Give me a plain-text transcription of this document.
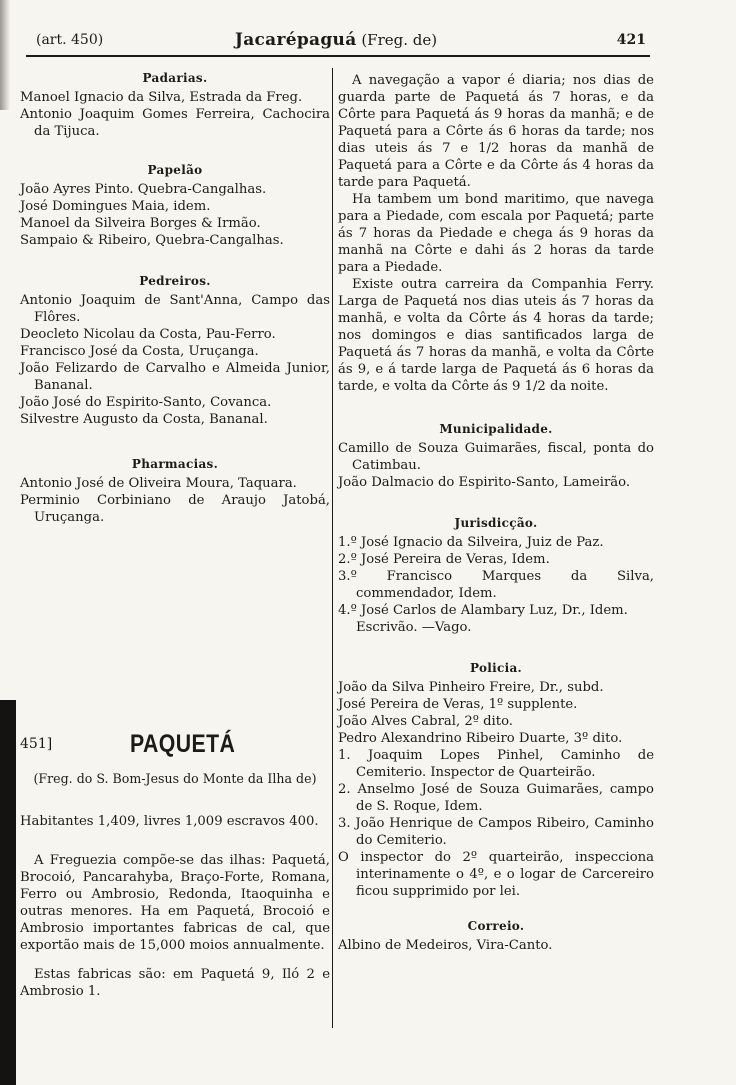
(art. 450)	Jacarépaguá (Freg. de)	421
Padarias.
Manoel Ignacio da Silva, Estrada da Freg.
Antonio Joaquim Gomes Ferreira, Cachocira da Tijuca.
Papelão
João Ayres Pinto. Quebra-Cangalhas.
José Domingues Maia, idem.
Manoel da Silveira Borges & Irmão.
Sampaio & Ribeiro, Quebra-Cangalhas.
Pedreiros.
Antonio Joaquim de Sant'Anna, Campo das Flôres.
Deocleto Nicolau da Costa, Pau-Ferro.
Francisco José da Costa, Uruçanga.
João Felizardo de Carvalho e Almeida Junior, Bananal.
João José do Espirito-Santo, Covanca.
Silvestre Augusto da Costa, Bananal.
Pharmacias.
Antonio José de Oliveira Moura, Taquara.
Perminio Corbiniano de Araujo Jatobá, Uruçanga.
451]	PAQUETÁ
(Freg. do S. Bom-Jesus do Monte da Ilha de)
Habitantes 1,409, livres 1,009 escravos 400.
A Freguezia compõe-se das ilhas: Paquetá, Brocoió, Pancarahyba, Braço-Forte, Romana, Ferro ou Ambrosio, Redonda, Itaoquinha e outras menores. Ha em Paquetá, Brocoió e Ambrosio importantes fabricas de cal, que exportão mais de 15,000 moios annualmente.
Estas fabricas são: em Paquetá 9, Iló 2 e Ambrosio 1.
A navegação a vapor é diaria; nos dias de guarda parte de Paquetá ás 7 horas, e da Côrte para Paquetá ás 9 horas da manhã; e de Paquetá para a Côrte ás 6 horas da tarde; nos dias uteis ás 7 e 1/2 horas da manhã de Paquetá para a Côrte e da Côrte ás 4 horas da tarde para Paquetá.
Ha tambem um bond maritimo, que navega para a Piedade, com escala por Paquetá; parte ás 7 horas da Piedade e chega ás 9 horas da manhã na Côrte e dahi ás 2 horas da tarde para a Piedade.
Existe outra carreira da Companhia Ferry. Larga de Paquetá nos dias uteis ás 7 horas da manhã, e volta da Côrte ás 4 horas da tarde; nos domingos e dias santificados larga de Paquetá ás 7 horas da manhã, e volta da Côrte ás 9, e á tarde larga de Paquetá ás 6 horas da tarde, e volta da Côrte ás 9 1/2 da noite.
Municipalidade.
Camillo de Souza Guimarães, fiscal, ponta do Catimbau.
João Dalmacio do Espirito-Santo, Lameirão.
Jurisdicção.
1.º José Ignacio da Silveira, Juiz de Paz.
2.º José Pereira de Veras, Idem.
3.º Francisco Marques da Silva, commendador, Idem.
4.º José Carlos de Alambary Luz, Dr., Idem.
Escrivão. —Vago.
Policia.
João da Silva Pinheiro Freire, Dr., subd.
José Pereira de Veras, 1º supplente.
João Alves Cabral, 2º dito.
Pedro Alexandrino Ribeiro Duarte, 3º dito.
1. Joaquim Lopes Pinhel, Caminho de Cemiterio. Inspector de Quarteirão.
2. Anselmo José de Souza Guimarães, campo de S. Roque, Idem.
3. João Henrique de Campos Ribeiro, Caminho do Cemiterio.
O inspector do 2º quarteirão, inspecciona interinamente o 4º, e o logar de Carcereiro ficou supprimido por lei.
Correio.
Albino de Medeiros, Vira-Canto.
